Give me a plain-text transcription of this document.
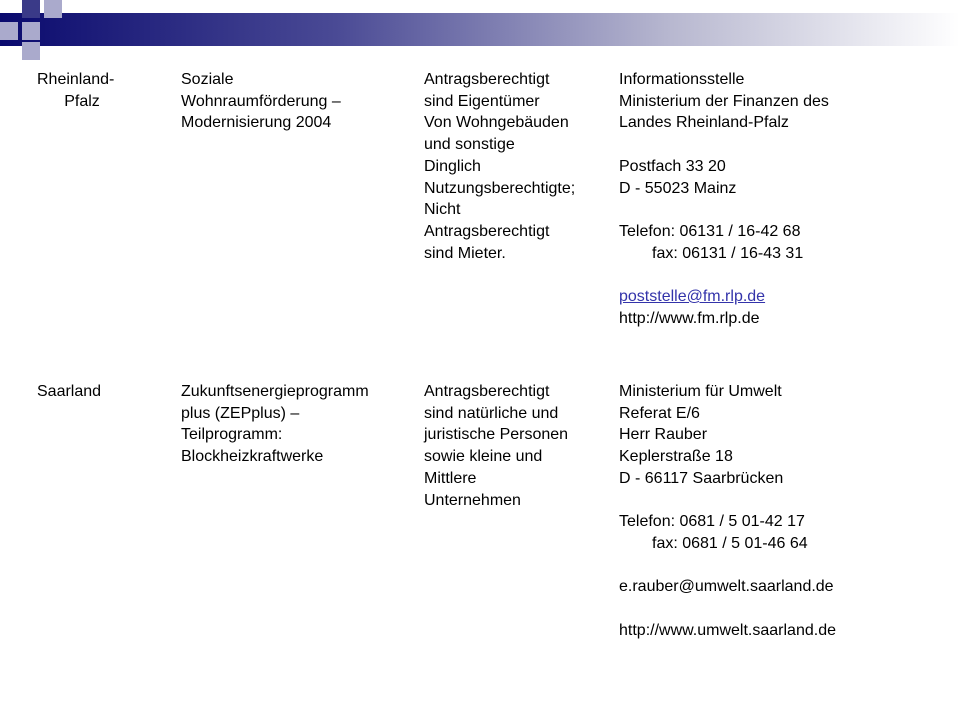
Rheinland-
Pfalz
Soziale
Wohnraumförderung –
Modernisierung 2004
Antragsberechtigt
sind Eigentümer
Von Wohngebäuden
und sonstige
Dinglich
Nutzungsberechtigte;
Nicht
Antragsberechtigt
sind Mieter.
Informationsstelle
Ministerium der Finanzen des
Landes Rheinland-Pfalz
Postfach 33 20
D - 55023 Mainz
Telefon: 06131 / 16-42 68
fax: 06131 / 16-43 31
poststelle@fm.rlp.de
http://www.fm.rlp.de
Saarland	Zukunftsenergieprogramm
plus (ZEPplus) –
Teilprogramm:
Blockheizkraftwerke
Antragsberechtigt
sind natürliche und
juristische Personen
sowie kleine und
Mittlere
Unternehmen
Ministerium für Umwelt
Referat E/6
Herr Rauber
Keplerstraße 18
D - 66117 Saarbrücken
Telefon: 0681 / 5 01-42 17
fax: 0681 / 5 01-46 64
e.rauber@umwelt.saarland.de
http://www.umwelt.saarland.de
